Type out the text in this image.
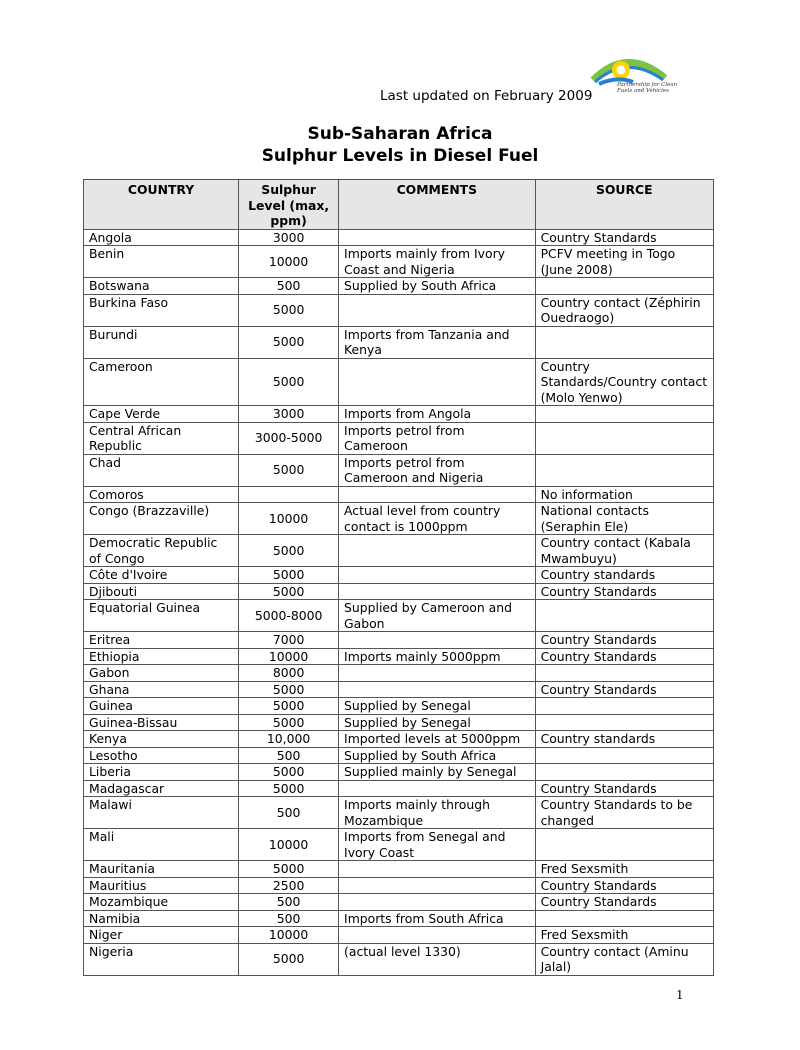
Last updated on February 2009
Partnership for Clean Fuels and Vehicles
Sub-Saharan Africa
Sulphur Levels in Diesel Fuel
COUNTRY	Sulphur Level (max, ppm)	COMMENTS	SOURCE
Angola	3000		Country Standards
Benin	10000	Imports mainly from Ivory Coast and Nigeria	PCFV meeting in Togo (June 2008)
Botswana	500	Supplied by South Africa	
Burkina Faso	5000		Country contact (Zéphirin Ouedraogo)
Burundi	5000	Imports from Tanzania and Kenya	
Cameroon	5000		Country Standards/Country contact (Molo Yenwo)
Cape Verde	3000	Imports from Angola	
Central African Republic	3000-5000	Imports petrol from Cameroon	
Chad	5000	Imports petrol from Cameroon and Nigeria	
Comoros			No information
Congo (Brazzaville)	10000	Actual level from country contact is 1000ppm	National contacts (Seraphin Ele)
Democratic Republic of Congo	5000		Country contact (Kabala Mwambuyu)
Côte d'Ivoire	5000		Country standards
Djibouti	5000		Country Standards
Equatorial Guinea	5000-8000	Supplied by Cameroon and Gabon	
Eritrea	7000		Country Standards
Ethiopia	10000	Imports mainly 5000ppm	Country Standards
Gabon	8000		
Ghana	5000		Country Standards
Guinea	5000	Supplied by Senegal	
Guinea-Bissau	5000	Supplied by Senegal	
Kenya	10,000	Imported levels at 5000ppm	Country standards
Lesotho	500	Supplied by South Africa	
Liberia	5000	Supplied mainly by Senegal	
Madagascar	5000		Country Standards
Malawi	500	Imports mainly through Mozambique	Country Standards to be changed
Mali	10000	Imports from Senegal and Ivory Coast	
Mauritania	5000		Fred Sexsmith
Mauritius	2500		Country Standards
Mozambique	500		Country Standards
Namibia	500	Imports from South Africa	
Niger	10000		Fred Sexsmith
Nigeria	5000	(actual level 1330)	Country contact (Aminu Jalal)
1
